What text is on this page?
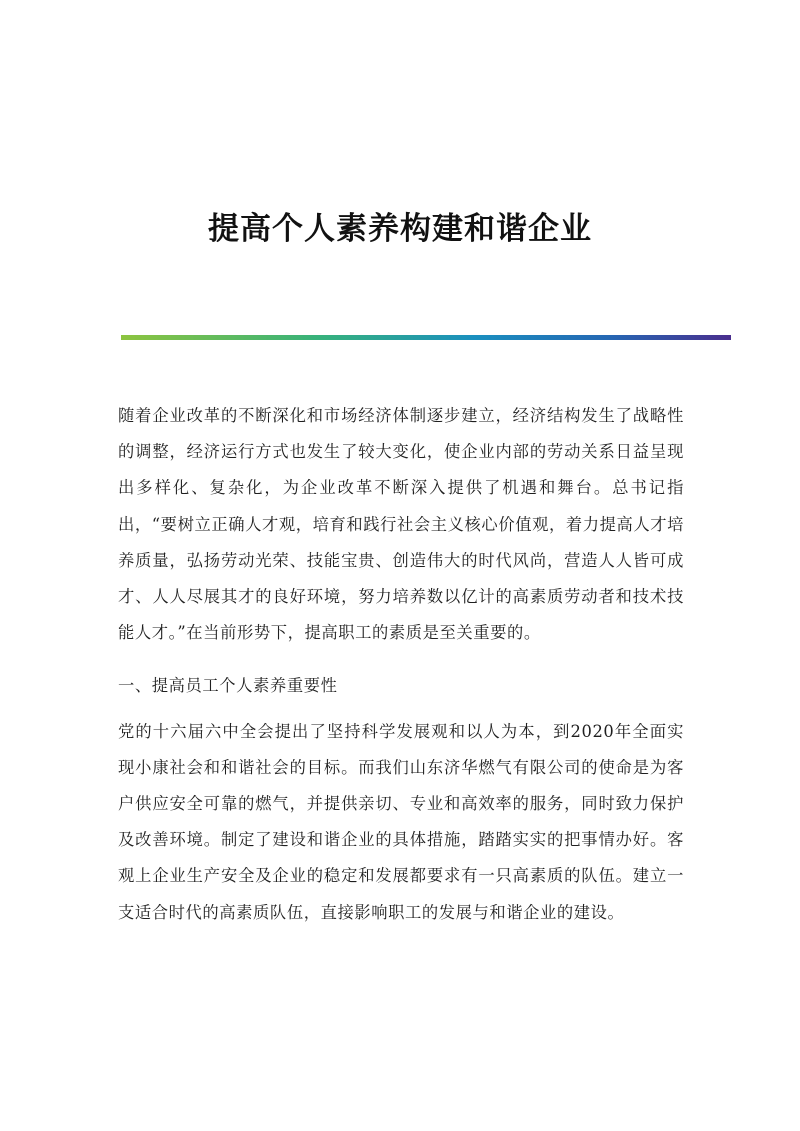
提高个人素养构建和谐企业

随着企业改革的不断深化和市场经济体制逐步建立，经济结构发生了战略性的调整，经济运行方式也发生了较大变化，使企业内部的劳动关系日益呈现出多样化、复杂化，为企业改革不断深入提供了机遇和舞台。总书记指出，“要树立正确人才观，培育和践行社会主义核心价值观，着力提高人才培养质量，弘扬劳动光荣、技能宝贵、创造伟大的时代风尚，营造人人皆可成才、人人尽展其才的良好环境，努力培养数以亿计的高素质劳动者和技术技能人才。”在当前形势下，提高职工的素质是至关重要的。

一、提高员工个人素养重要性

党的十六届六中全会提出了坚持科学发展观和以人为本，到2020年全面实现小康社会和和谐社会的目标。而我们山东济华燃气有限公司的使命是为客户供应安全可靠的燃气，并提供亲切、专业和高效率的服务，同时致力保护及改善环境。制定了建设和谐企业的具体措施，踏踏实实的把事情办好。客观上企业生产安全及企业的稳定和发展都要求有一只高素质的队伍。建立一支适合时代的高素质队伍，直接影响职工的发展与和谐企业的建设。
